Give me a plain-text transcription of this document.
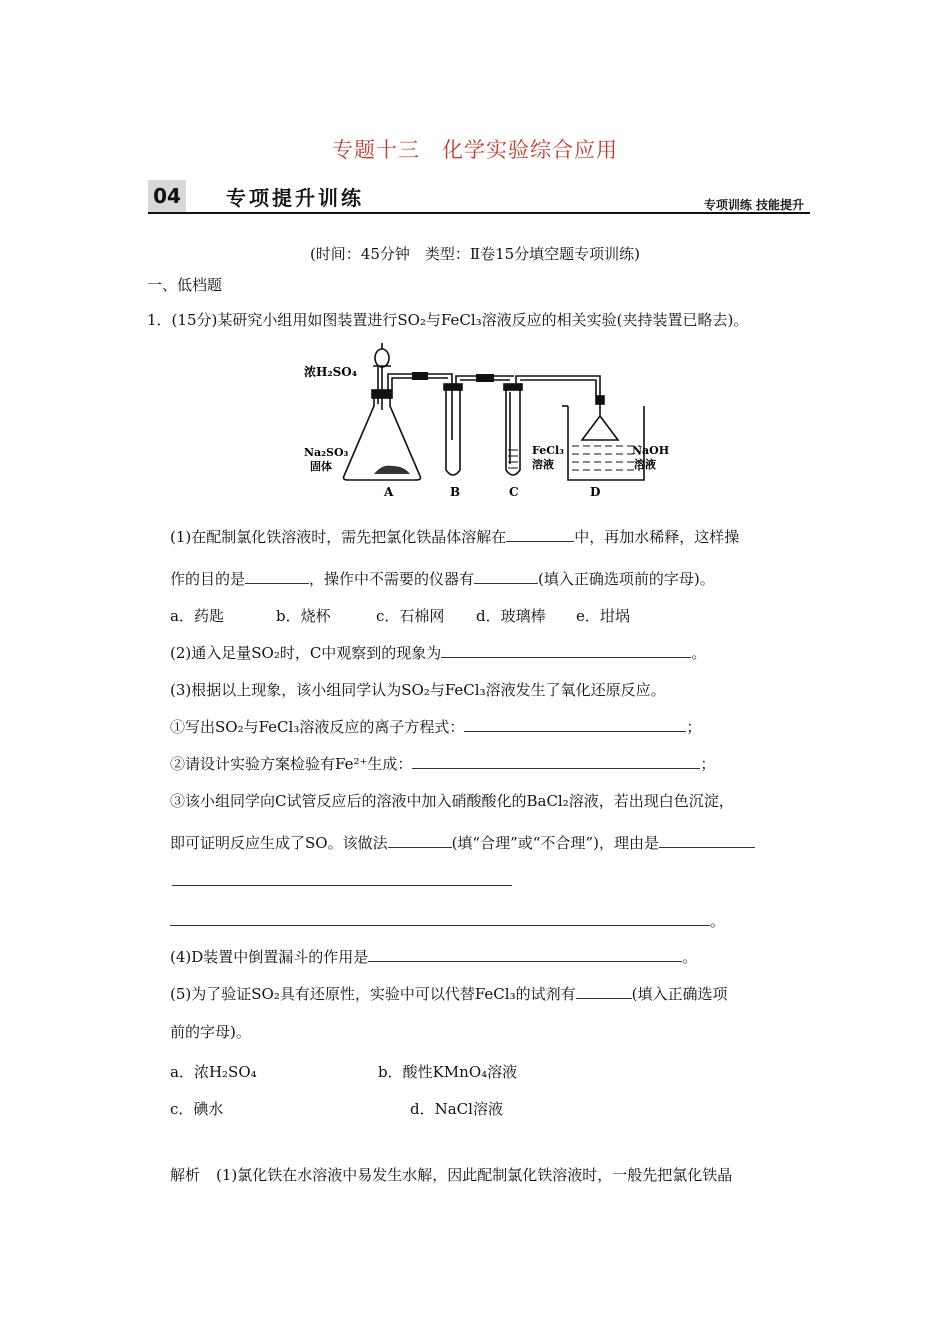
专题十三　化学实验综合应用
04 专项提升训练	专项训练 技能提升
(时间：45分钟　类型：Ⅱ卷15分填空题专项训练)
一、低档题
1．(15分)某研究小组用如图装置进行SO₂与FeCl₃溶液反应的相关实验(夹持装置已略去)。
浓H₂SO₄
Na₂SO₃
固体
FeCl₃
溶液
NaOH
溶液
A	B	C	D
(1)在配制氯化铁溶液时，需先把氯化铁晶体溶解在	中，再加水稀释，这样操
作的目的是	，操作中不需要的仪器有	(填入正确选项前的字母)。
a．药匙	b．烧杯	c．石棉网 d．玻璃棒 e．坩埚
(2)通入足量SO₂时，C中观察到的现象为	。
(3)根据以上现象，该小组同学认为SO₂与FeCl₃溶液发生了氧化还原反应。
①写出SO₂与FeCl₃溶液反应的离子方程式：	；
②请设计实验方案检验有Fe²⁺生成：	；
③该小组同学向C试管反应后的溶液中加入硝酸酸化的BaCl₂溶液，若出现白色沉淀，
即可证明反应生成了SO。该做法	(填“合理”或“不合理”)，理由是
。
(4)D装置中倒置漏斗的作用是	。
(5)为了验证SO₂具有还原性，实验中可以代替FeCl₃的试剂有	(填入正确选项
前的字母)。
a．浓H₂SO₄	b．酸性KMnO₄溶液
c．碘水	d．NaCl溶液
解析 (1)氯化铁在水溶液中易发生水解，因此配制氯化铁溶液时，一般先把氯化铁晶
